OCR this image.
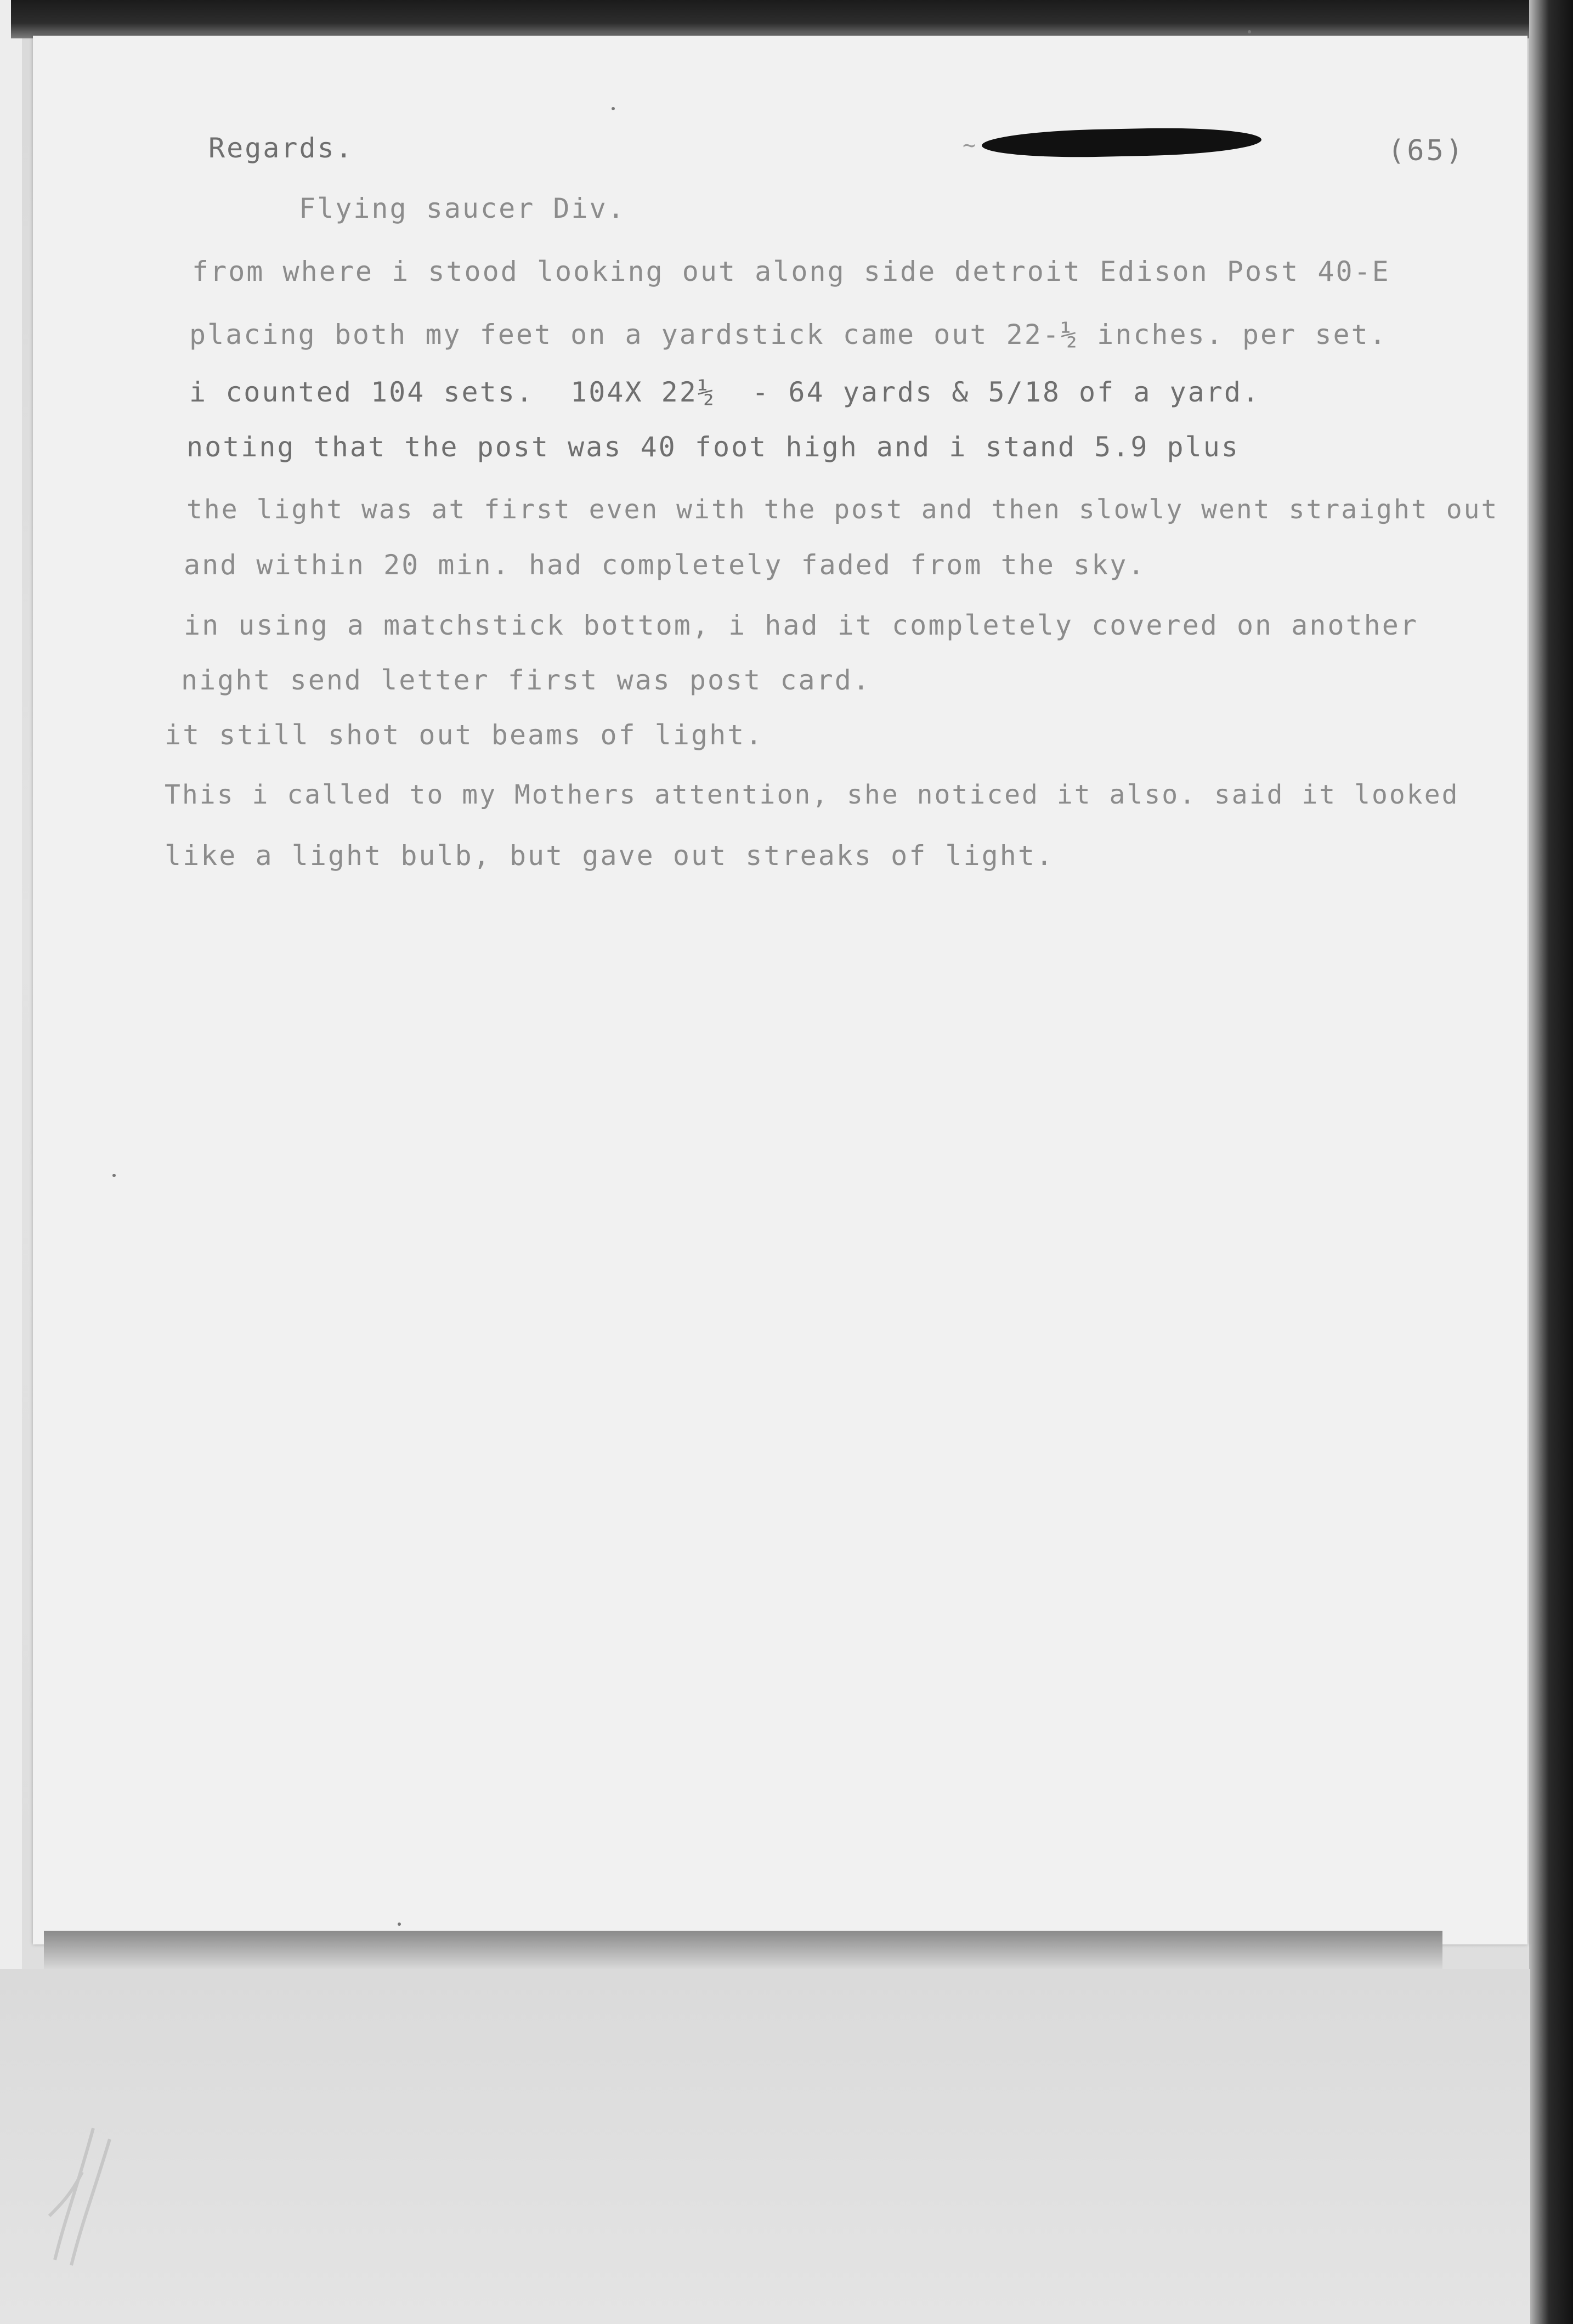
Regards.	~	(65)
Flying saucer Div.
from where i stood looking out along side detroit Edison Post 40-E
placing both my feet on a yardstick came out 22-½ inches. per set.
i counted 104 sets.  104X 22½  - 64 yards & 5/18 of a yard.
noting that the post was 40 foot high and i stand 5.9 plus
the light was at first even with the post and then slowly went straight out
and within 20 min. had completely faded from the sky.
in using a matchstick bottom, i had it completely covered on another
night send letter first was post card.
it still shot out beams of light.
This i called to my Mothers attention, she noticed it also. said it looked
like a light bulb, but gave out streaks of light.
